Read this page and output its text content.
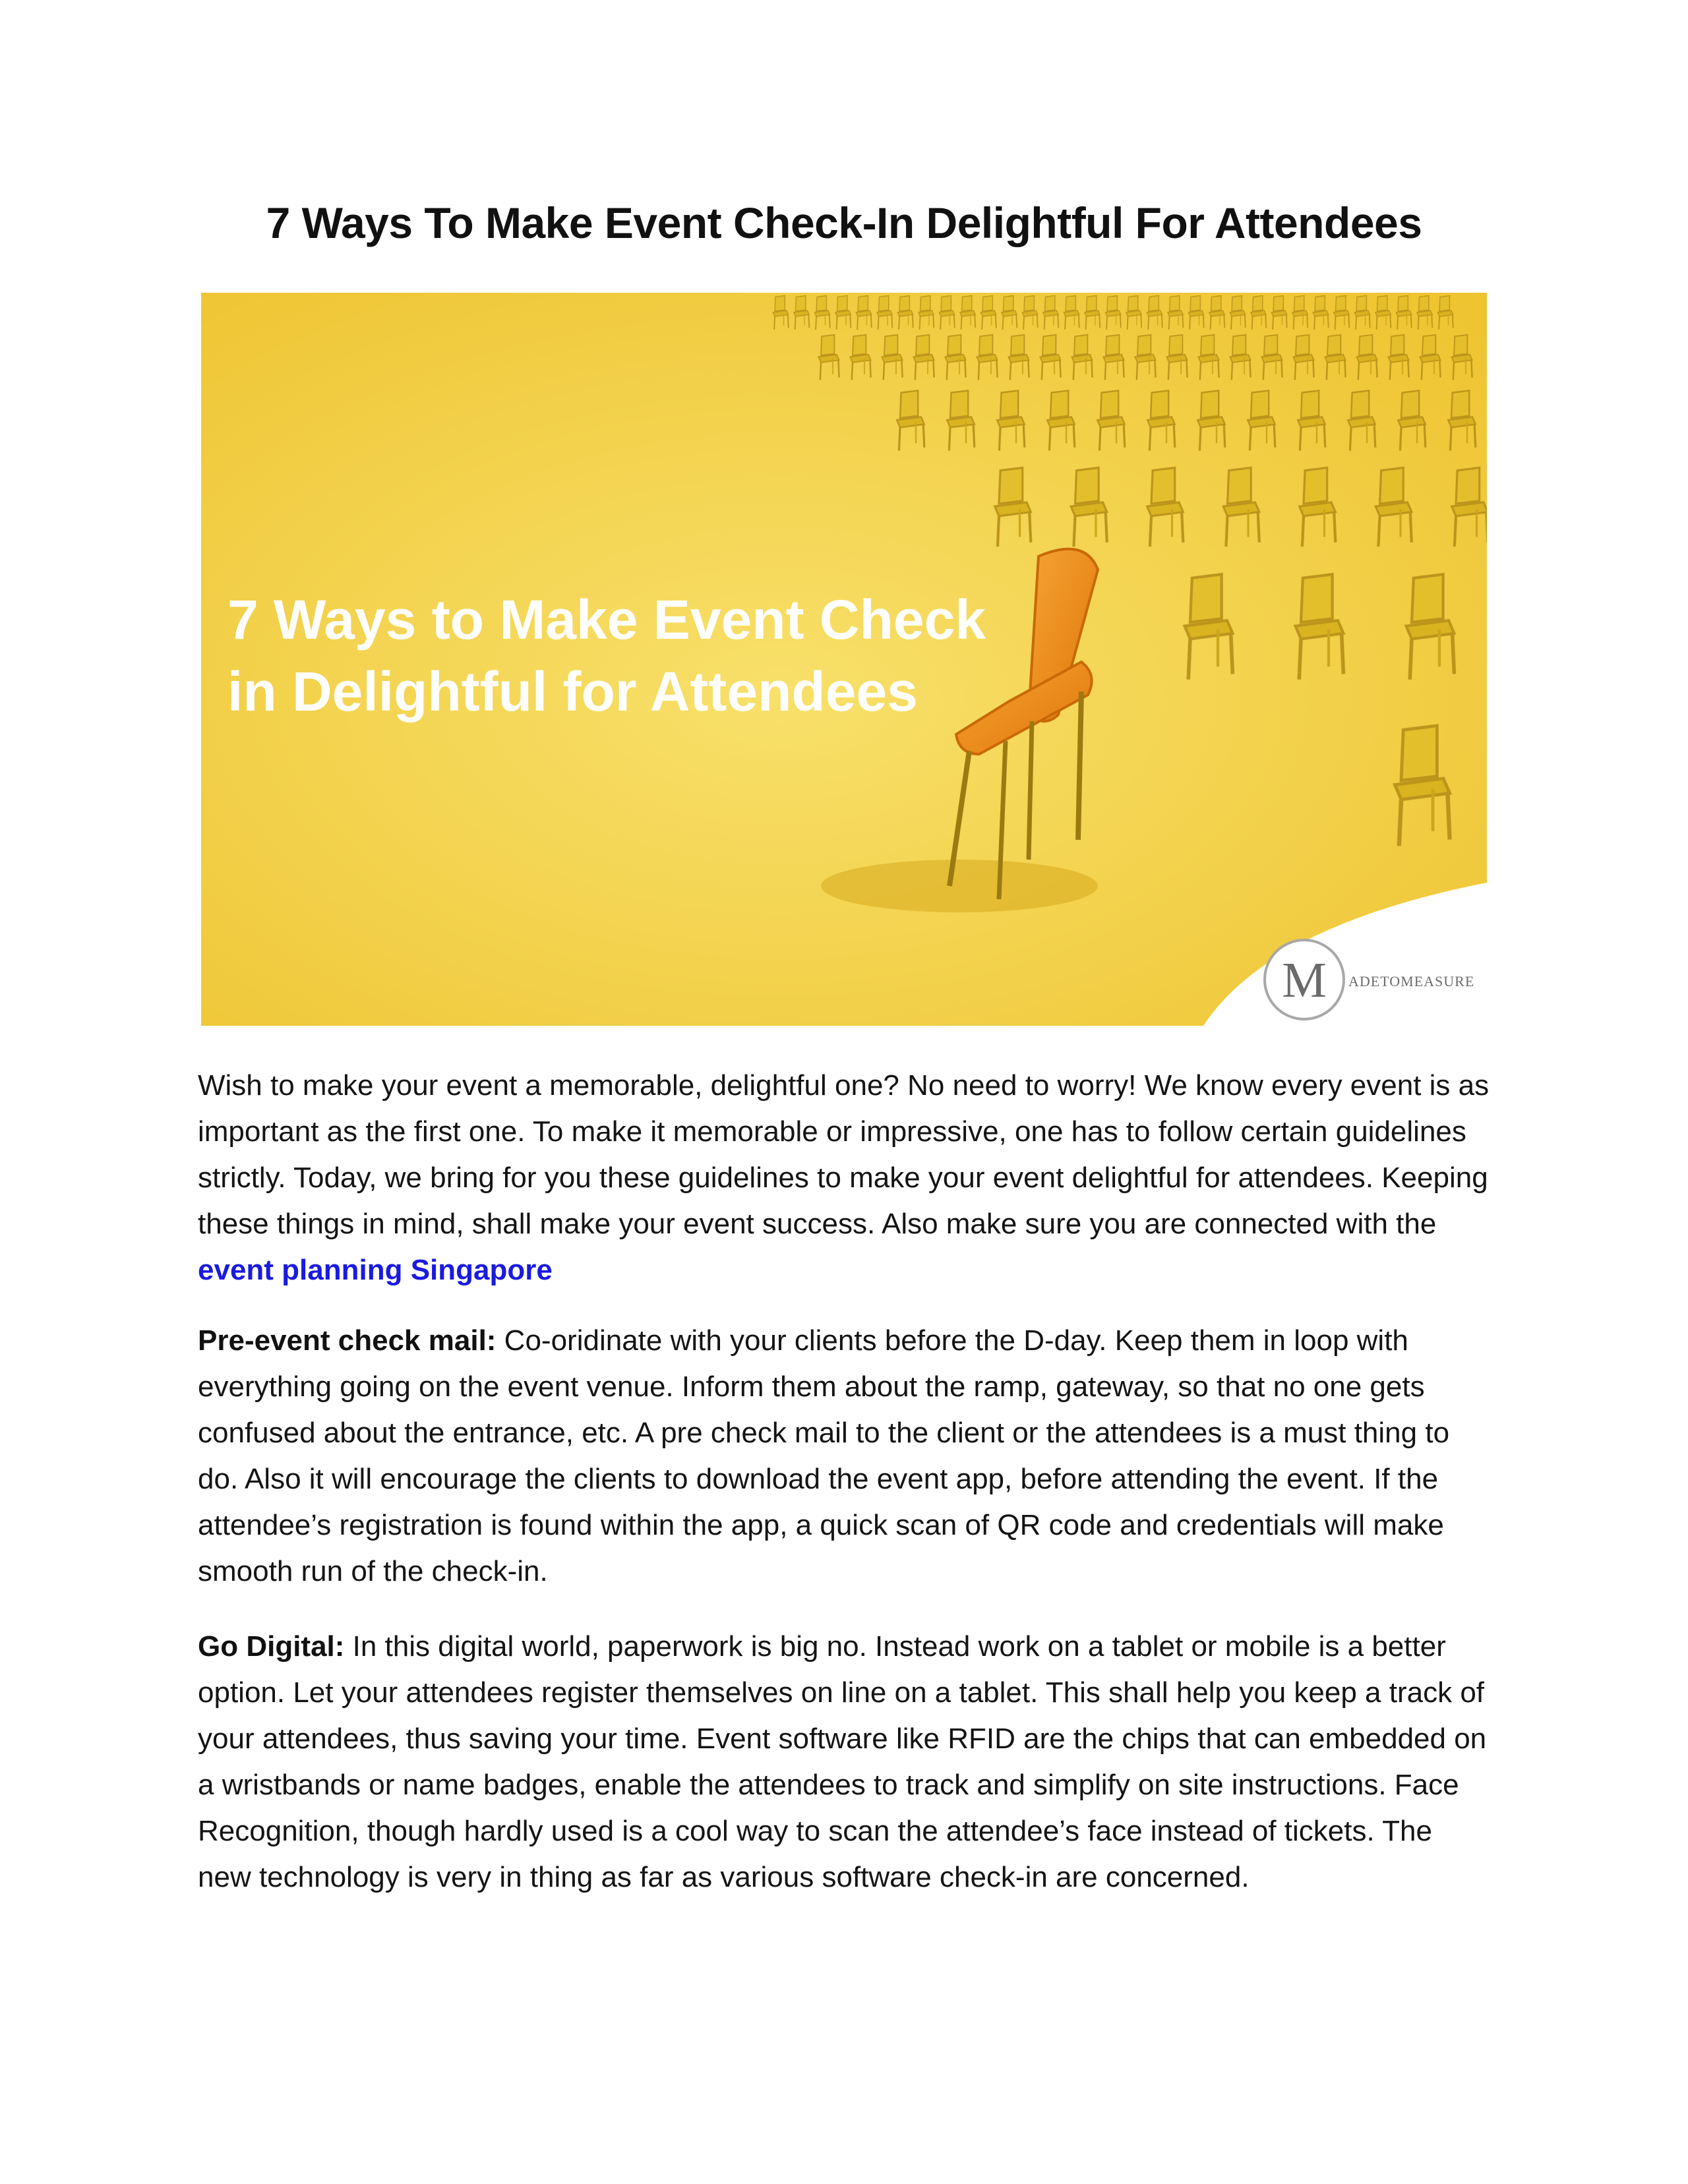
7 Ways To Make Event Check-In Delightful For Attendees
7 Ways to Make Event Check
in Delightful for Attendees
M ADETOMEASURE

Wish to make your event a memorable, delightful one? No need to worry! We know every event is as important as the first one. To make it memorable or impressive, one has to follow certain guidelines strictly. Today, we bring for you these guidelines to make your event delightful for attendees. Keeping these things in mind, shall make your event success. Also make sure you are connected with the event planning Singapore

Pre-event check mail: Co-oridinate with your clients before the D-day. Keep them in loop with everything going on the event venue. Inform them about the ramp, gateway, so that no one gets confused about the entrance, etc. A pre check mail to the client or the attendees is a must thing to do. Also it will encourage the clients to download the event app, before attending the event. If the attendee’s registration is found within the app, a quick scan of QR code and credentials will make smooth run of the check-in.

Go Digital: In this digital world, paperwork is big no. Instead work on a tablet or mobile is a better option. Let your attendees register themselves on line on a tablet. This shall help you keep a track of your attendees, thus saving your time. Event software like RFID are the chips that can embedded on a wristbands or name badges, enable the attendees to track and simplify on site instructions. Face Recognition, though hardly used is a cool way to scan the attendee’s face instead of tickets. The new technology is very in thing as far as various software check-in are concerned.
